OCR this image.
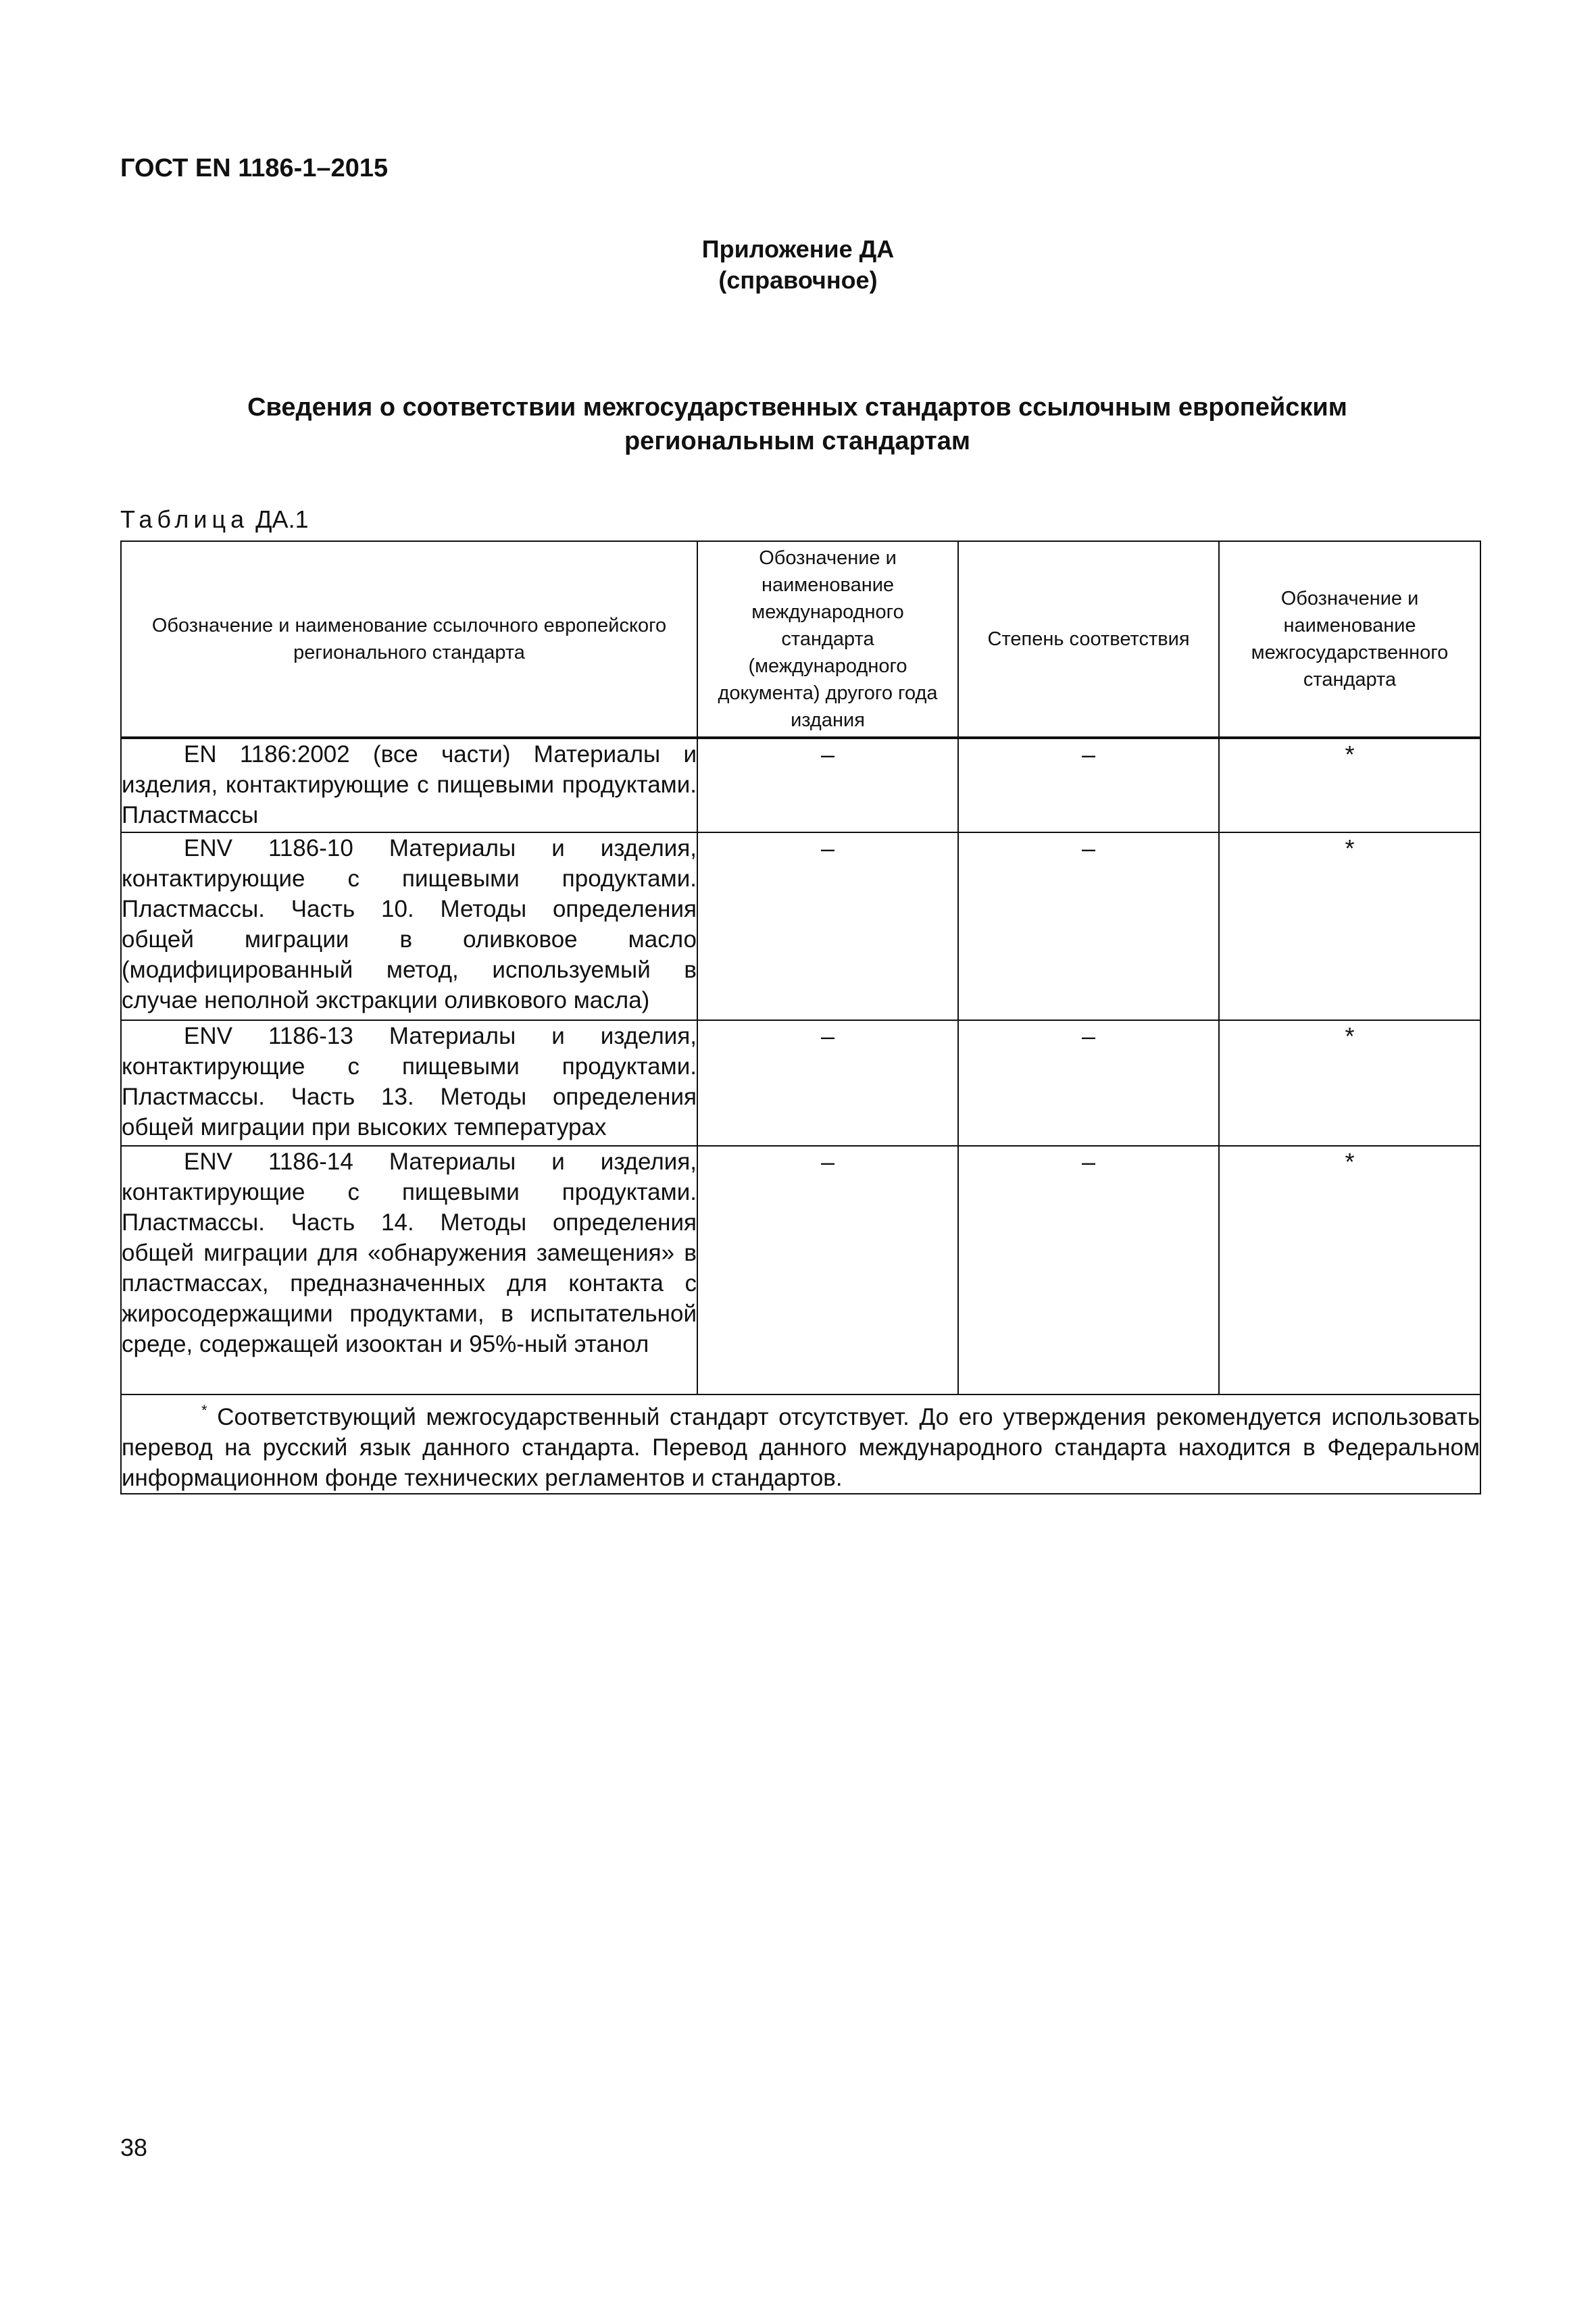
ГОСТ EN 1186-1–2015
Приложение ДА
(справочное)
Сведения о соответствии межгосударственных стандартов ссылочным европейским
региональным стандартам
Таблица ДА.1
Обозначение и наименование ссылочного европейского регионального стандарта	Обозначение и наименование международного стандарта (международного документа) другого года издания	Степень соответствия	Обозначение и наименование межгосударственного стандарта

EN 1186:2002 (все части) Материалы и изделия, контактирующие с пищевыми продуктами. Пластмассы	–	–	*
ENV 1186-10 Материалы и изделия, контактирующие с пищевыми продуктами. Пластмассы. Часть 10. Методы определения общей миграции в оливковое масло (модифицированный метод, используемый в случае неполной экстракции оливкового масла)	–	–	*
ENV 1186-13 Материалы и изделия, контактирующие с пищевыми продуктами. Пластмассы. Часть 13. Методы определения общей миграции при высоких температурах	–	–	*
ENV 1186-14 Материалы и изделия, контактирующие с пищевыми продуктами. Пластмассы. Часть 14. Методы определения общей миграции для «обнаружения замещения» в пластмассах, предназначенных для контакта с жиросодержащими продуктами, в испытательной среде, содержащей изооктан и 95%-ный этанол	–	–	*
* Соответствующий межгосударственный стандарт отсутствует. До его утверждения рекомендуется использовать перевод на русский язык данного стандарта. Перевод данного международного стандарта находится в Федеральном информационном фонде технических регламентов и стандартов.			
38
